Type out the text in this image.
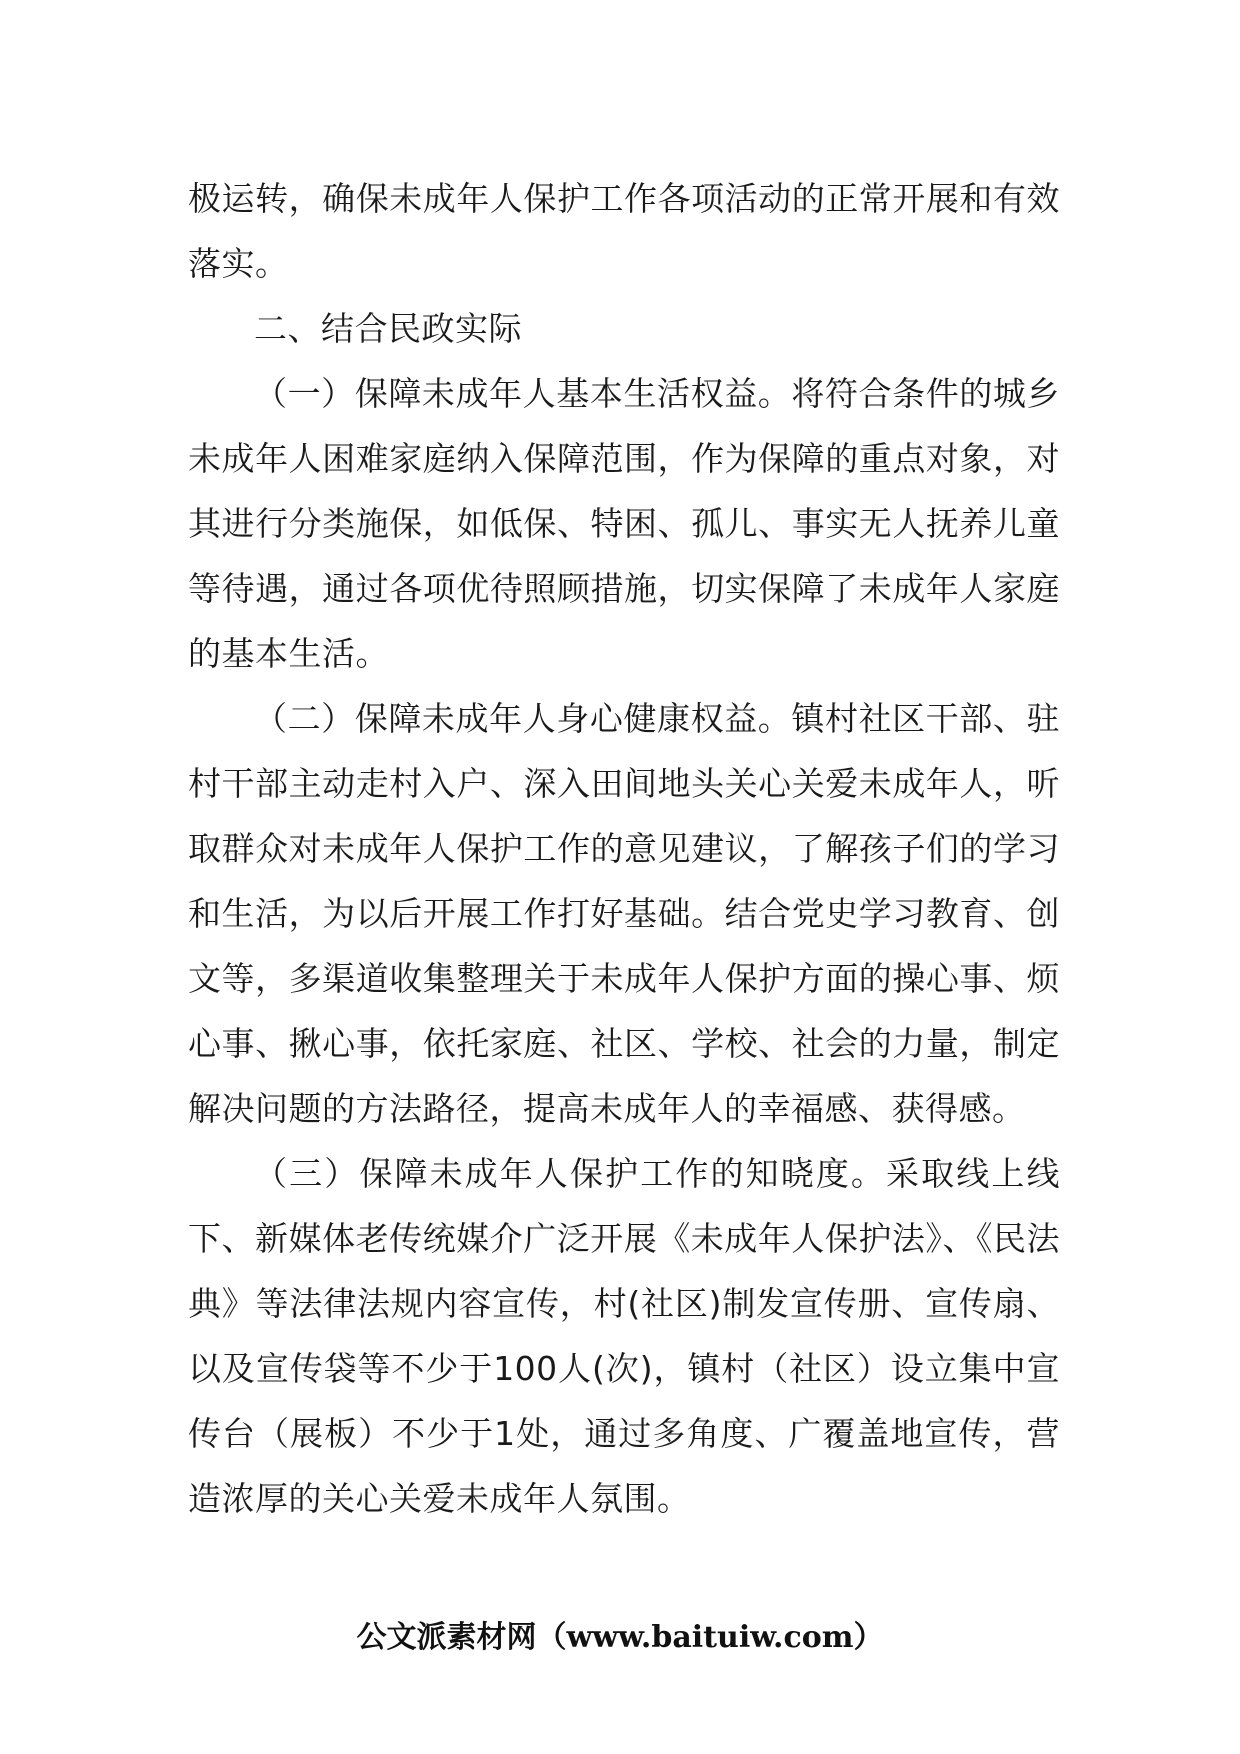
极运转，确保未成年人保护工作各项活动的正常开展和有效落实。

二、结合民政实际

（一）保障未成年人基本生活权益。将符合条件的城乡未成年人困难家庭纳入保障范围，作为保障的重点对象，对其进行分类施保，如低保、特困、孤儿、事实无人抚养儿童等待遇，通过各项优待照顾措施，切实保障了未成年人家庭的基本生活。

（二）保障未成年人身心健康权益。镇村社区干部、驻村干部主动走村入户、深入田间地头关心关爱未成年人，听取群众对未成年人保护工作的意见建议，了解孩子们的学习和生活，为以后开展工作打好基础。结合党史学习教育、创文等，多渠道收集整理关于未成年人保护方面的操心事、烦心事、揪心事，依托家庭、社区、学校、社会的力量，制定解决问题的方法路径，提高未成年人的幸福感、获得感。

（三）保障未成年人保护工作的知晓度。采取线上线下、新媒体老传统媒介广泛开展《未成年人保护法》、《民法典》等法律法规内容宣传，村(社区)制发宣传册、宣传扇、以及宣传袋等不少于100人(次)，镇村（社区）设立集中宣传台（展板）不少于1处，通过多角度、广覆盖地宣传，营造浓厚的关心关爱未成年人氛围。

公文派素材网（www.baituiw.com）
